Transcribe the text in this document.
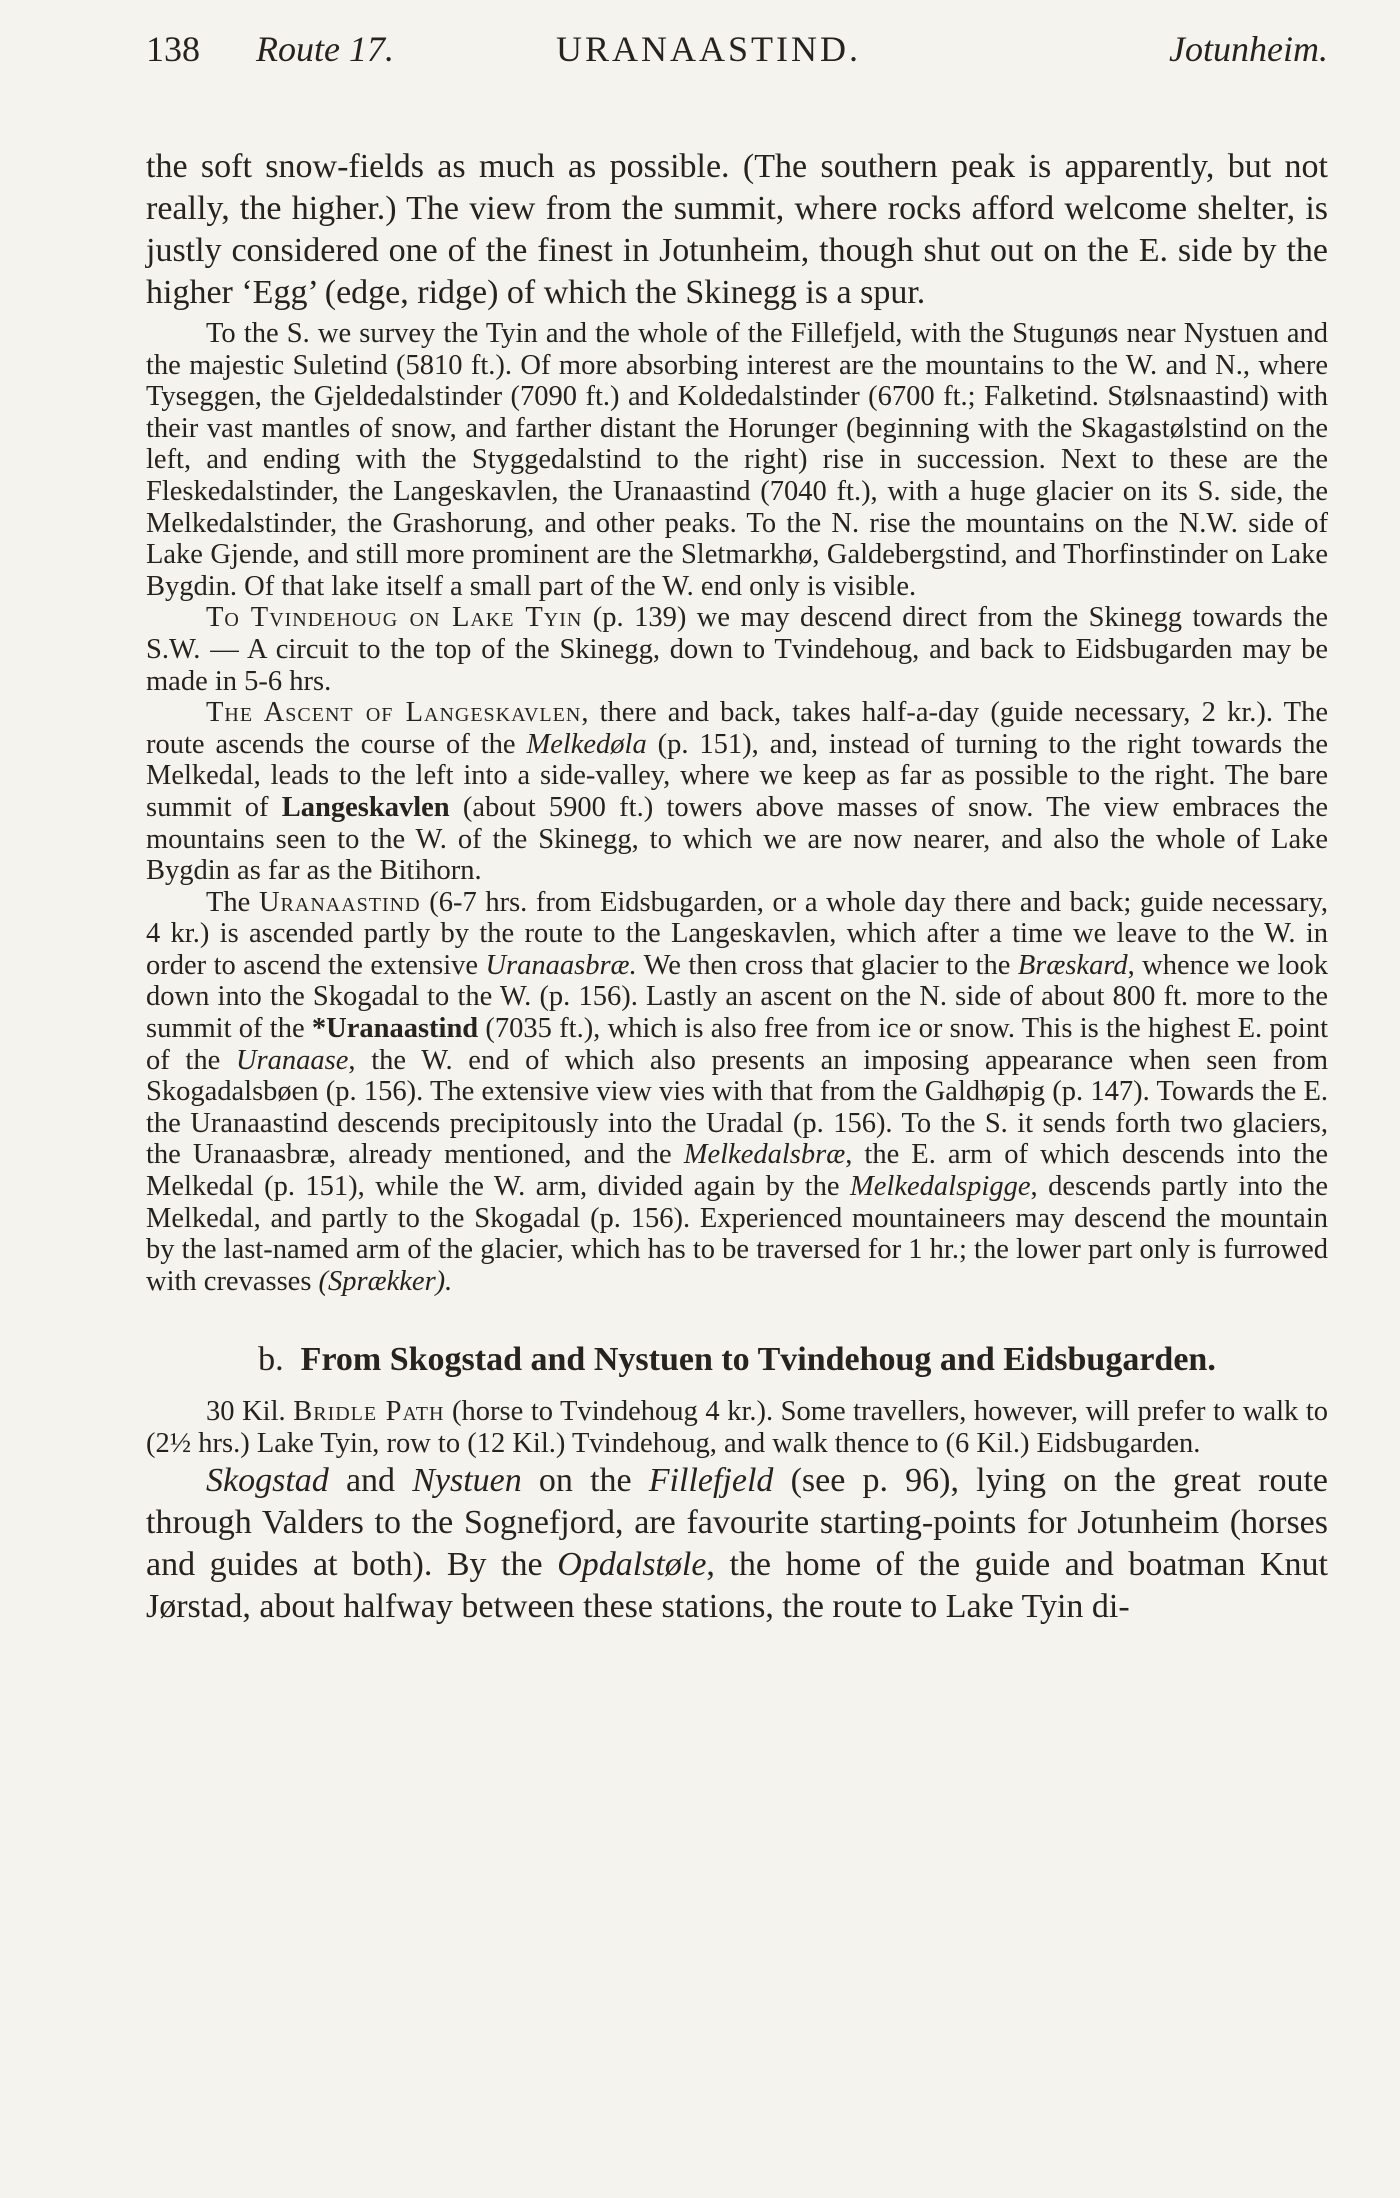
138	Route 17.	URANAASTIND.	Jotunheim.

the soft snow-fields as much as possible. (The southern peak is apparently, but not really, the higher.) The view from the summit, where rocks afford welcome shelter, is justly considered one of the finest in Jotunheim, though shut out on the E. side by the higher ‘Egg’ (edge, ridge) of which the Skinegg is a spur.

To the S. we survey the Tyin and the whole of the Fillefjeld, with the Stugunøs near Nystuen and the majestic Suletind (5810 ft.). Of more absorbing interest are the mountains to the W. and N., where Tyseggen, the Gjeldedalstinder (7090 ft.) and Koldedalstinder (6700 ft.; Falketind. Stølsnaastind) with their vast mantles of snow, and farther distant the Horunger (beginning with the Skagastølstind on the left, and ending with the Styggedalstind to the right) rise in succession. Next to these are the Fleskedalstinder, the Langeskavlen, the Uranaastind (7040 ft.), with a huge glacier on its S. side, the Melkedalstinder, the Grashorung, and other peaks. To the N. rise the mountains on the N.W. side of Lake Gjende, and still more prominent are the Sletmarkhø, Galdebergstind, and Thorfinstinder on Lake Bygdin. Of that lake itself a small part of the W. end only is visible.

To Tvindehoug on Lake Tyin (p. 139) we may descend direct from the Skinegg towards the S.W. — A circuit to the top of the Skinegg, down to Tvindehoug, and back to Eidsbugarden may be made in 5-6 hrs.

The Ascent of Langeskavlen, there and back, takes half-a-day (guide necessary, 2 kr.). The route ascends the course of the Melkedøla (p. 151), and, instead of turning to the right towards the Melkedal, leads to the left into a side-valley, where we keep as far as possible to the right. The bare summit of Langeskavlen (about 5900 ft.) towers above masses of snow. The view embraces the mountains seen to the W. of the Skinegg, to which we are now nearer, and also the whole of Lake Bygdin as far as the Bitihorn.

The Uranaastind (6-7 hrs. from Eidsbugarden, or a whole day there and back; guide necessary, 4 kr.) is ascended partly by the route to the Langeskavlen, which after a time we leave to the W. in order to ascend the extensive Uranaasbræ. We then cross that glacier to the Bræskard, whence we look down into the Skogadal to the W. (p. 156). Lastly an ascent on the N. side of about 800 ft. more to the summit of the *Uranaastind (7035 ft.), which is also free from ice or snow. This is the highest E. point of the Uranaase, the W. end of which also presents an imposing appearance when seen from Skogadalsbøen (p. 156). The extensive view vies with that from the Galdhøpig (p. 147). Towards the E. the Uranaastind descends precipitously into the Uradal (p. 156). To the S. it sends forth two glaciers, the Uranaasbræ, already mentioned, and the Melkedalsbræ, the E. arm of which descends into the Melkedal (p. 151), while the W. arm, divided again by the Melkedalspigge, descends partly into the Melkedal, and partly to the Skogadal (p. 156). Experienced mountaineers may descend the mountain by the last-named arm of the glacier, which has to be traversed for 1 hr.; the lower part only is furrowed with crevasses (Sprækker).

b. From Skogstad and Nystuen to Tvindehoug and Eidsbugarden.

30 Kil. Bridle Path (horse to Tvindehoug 4 kr.). Some travellers, however, will prefer to walk to (2½ hrs.) Lake Tyin, row to (12 Kil.) Tvindehoug, and walk thence to (6 Kil.) Eidsbugarden.

Skogstad and Nystuen on the Fillefjeld (see p. 96), lying on the great route through Valders to the Sognefjord, are favourite starting-points for Jotunheim (horses and guides at both). By the Opdalstøle, the home of the guide and boatman Knut Jørstad, about halfway between these stations, the route to Lake Tyin di-
